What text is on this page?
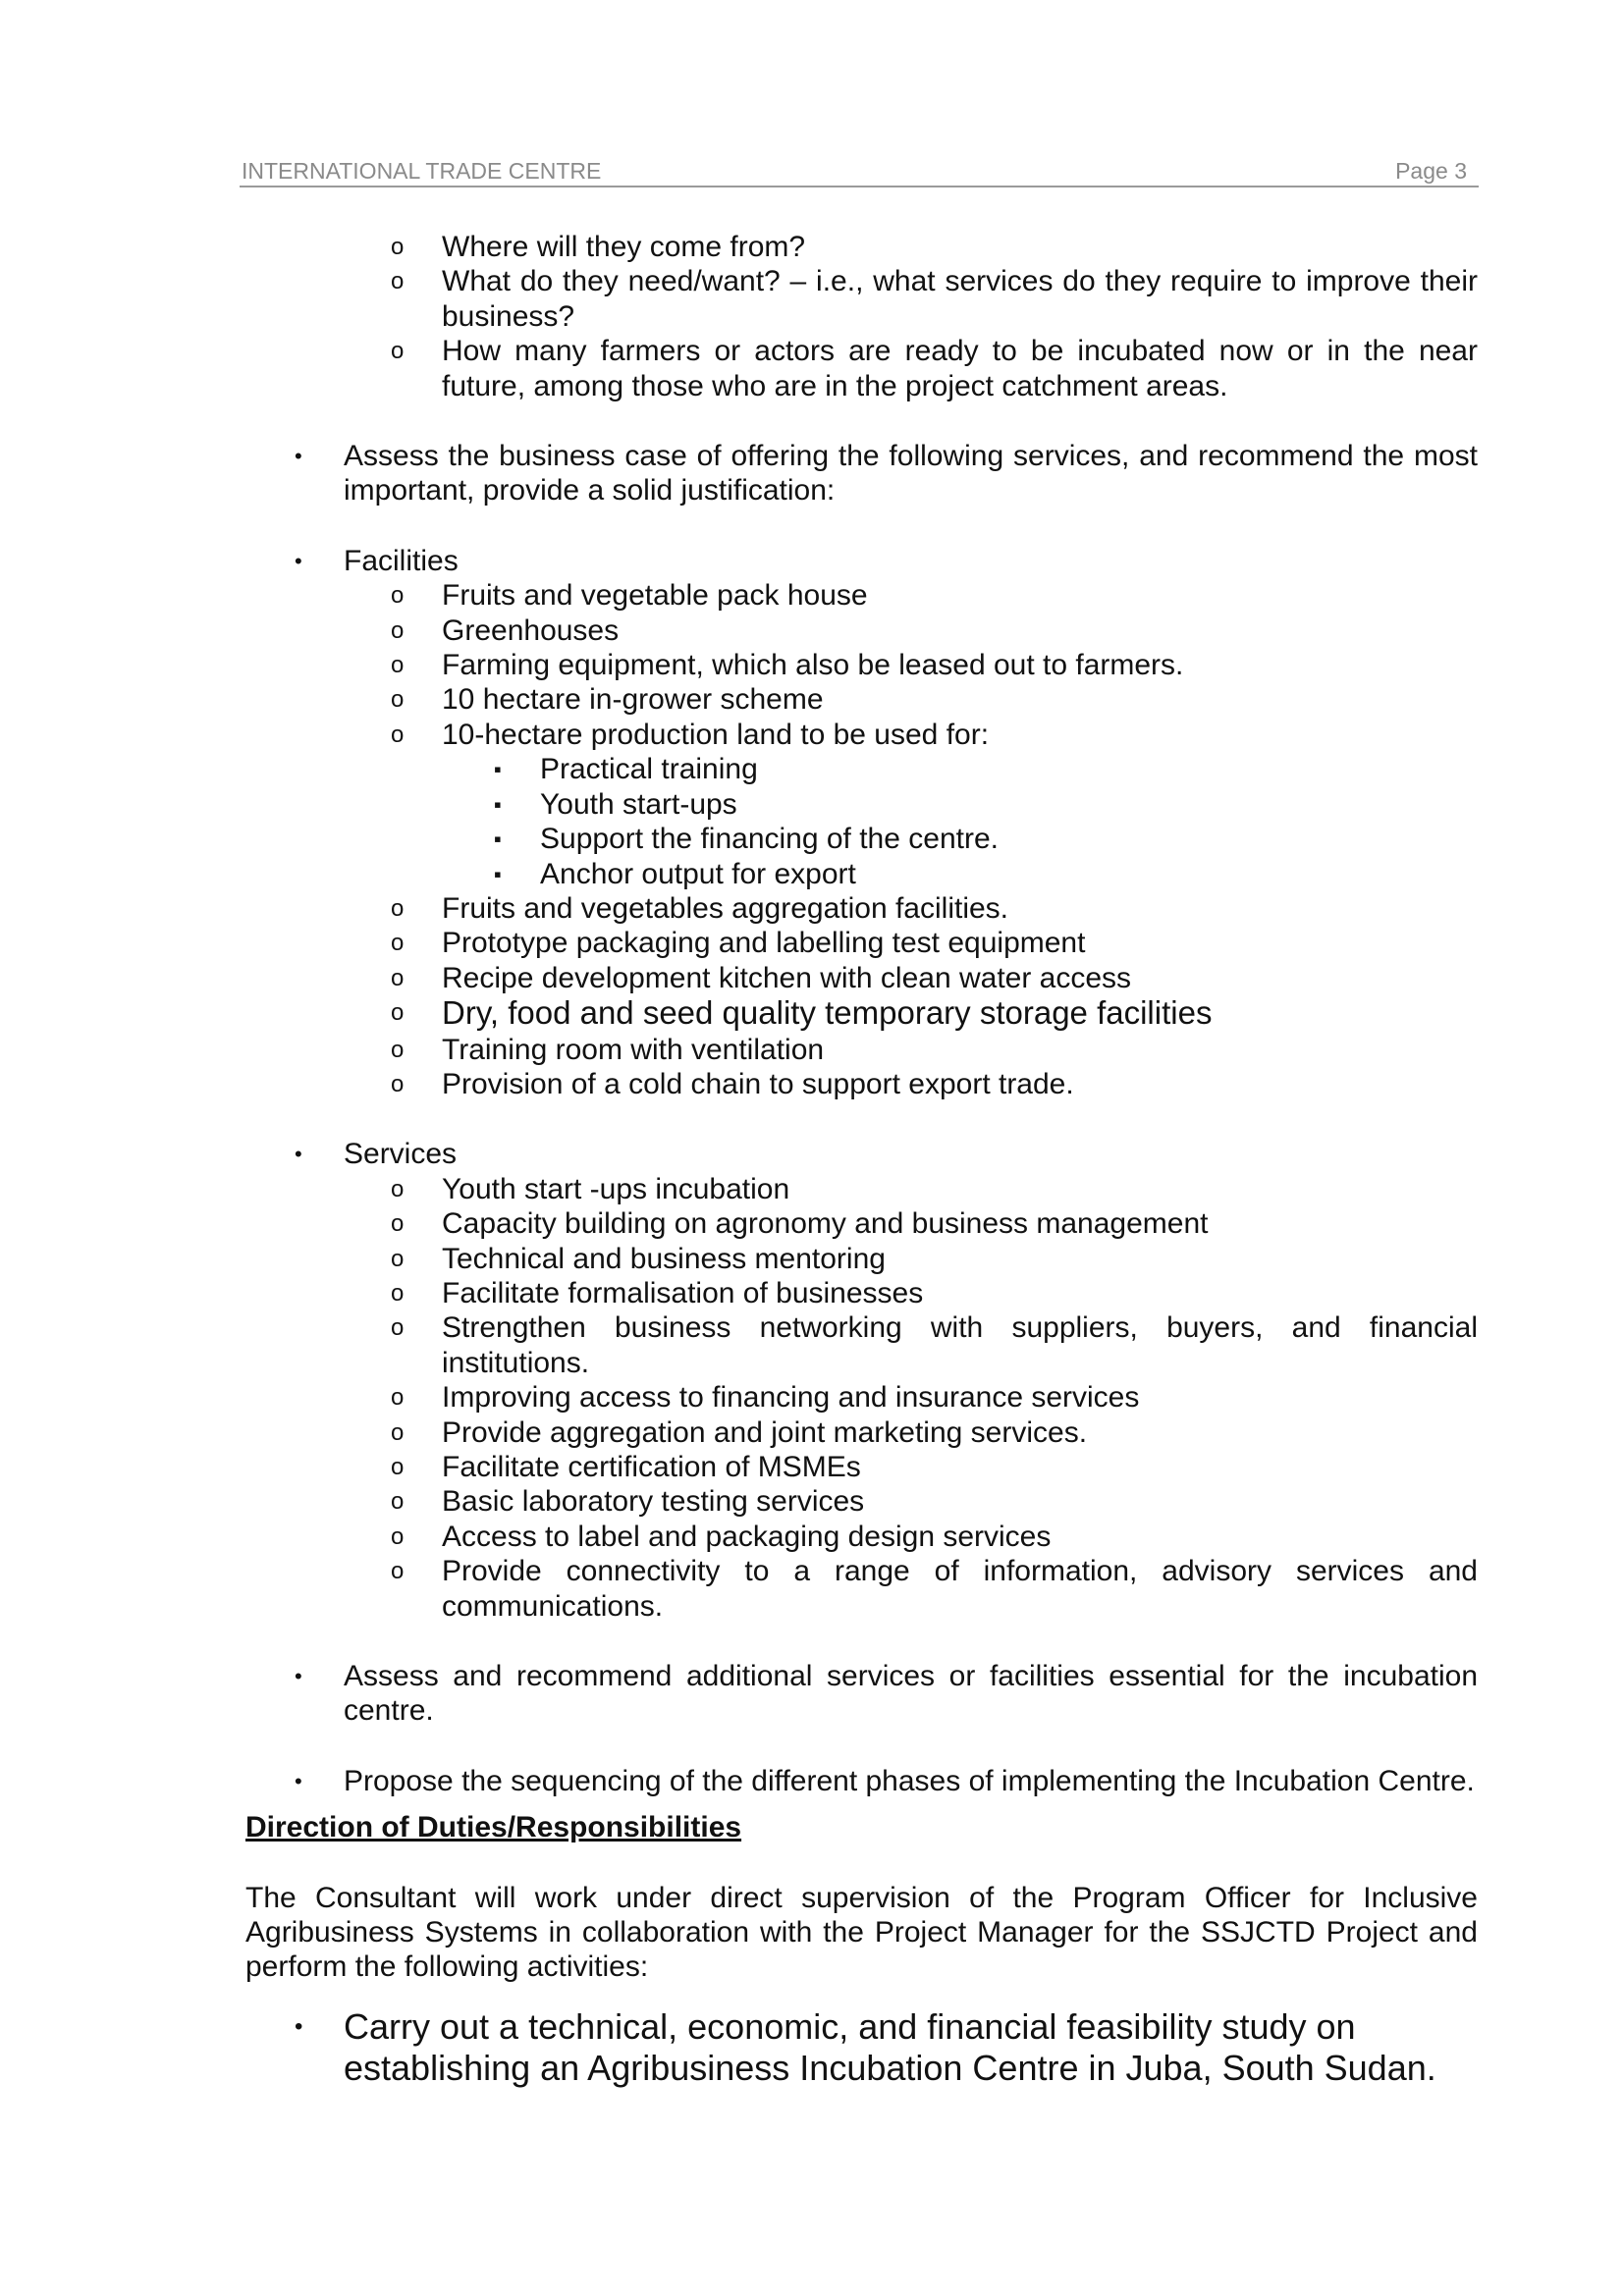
INTERNATIONAL TRADE CENTRE	Page 3
o Where will they come from?
o What do they need/want? – i.e., what services do they require to improve their business?
o How many farmers or actors are ready to be incubated now or in the near future, among those who are in the project catchment areas.
• Assess the business case of offering the following services, and recommend the most important, provide a solid justification:
• Facilities
o Fruits and vegetable pack house
o Greenhouses
o Farming equipment, which also be leased out to farmers.
o 10 hectare in-grower scheme
o 10-hectare production land to be used for:
▪ Practical training
▪ Youth start-ups
▪ Support the financing of the centre.
▪ Anchor output for export
o Fruits and vegetables aggregation facilities.
o Prototype packaging and labelling test equipment
o Recipe development kitchen with clean water access
o Dry, food and seed quality temporary storage facilities
o Training room with ventilation
o Provision of a cold chain to support export trade.
• Services
o Youth start -ups incubation
o Capacity building on agronomy and business management
o Technical and business mentoring
o Facilitate formalisation of businesses
o Strengthen business networking with suppliers, buyers, and financial institutions.
o Improving access to financing and insurance services
o Provide aggregation and joint marketing services.
o Facilitate certification of MSMEs
o Basic laboratory testing services
o Access to label and packaging design services
o Provide connectivity to a range of information, advisory services and communications.
• Assess and recommend additional services or facilities essential for the incubation centre.
• Propose the sequencing of the different phases of implementing the Incubation Centre.
Direction of Duties/Responsibilities
The Consultant will work under direct supervision of the Program Officer for Inclusive Agribusiness Systems in collaboration with the Project Manager for the SSJCTD Project and perform the following activities:
• Carry out a technical, economic, and financial feasibility study on establishing an Agribusiness Incubation Centre in Juba, South Sudan.
